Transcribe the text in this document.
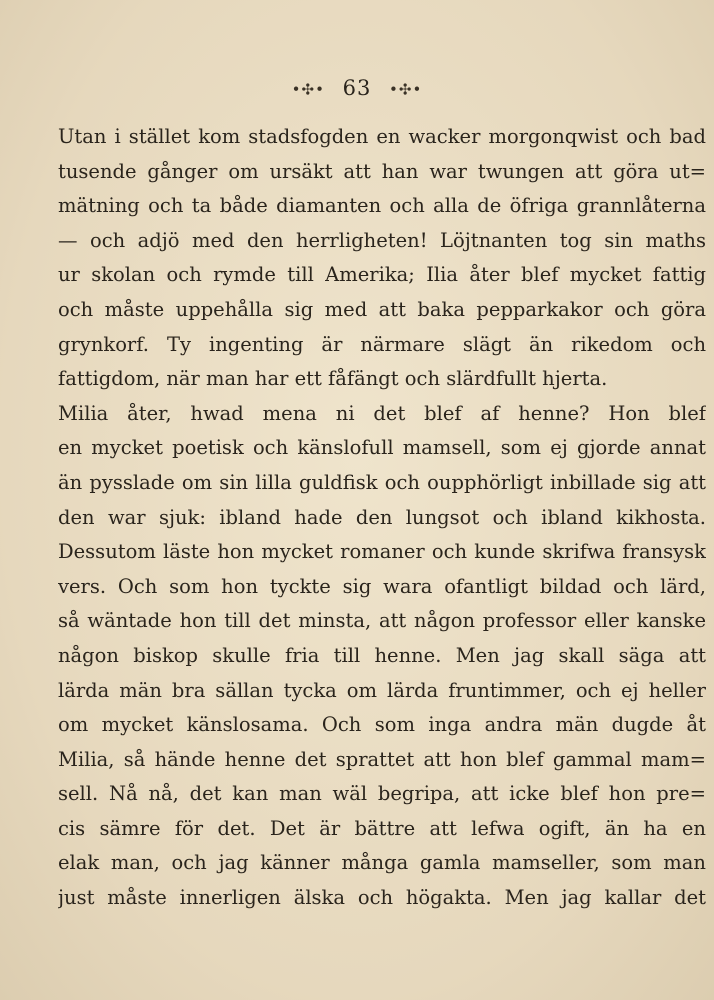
•✣• 63 •✣•
Utan i stället kom stadsfogden en wacker morgonqwist och bad
tusende gånger om ursäkt att han war twungen att göra ut=
mätning och ta både diamanten och alla de öfriga grannlåterna
— och adjö med den herrligheten! Löjtnanten tog sin maths
ur skolan och rymde till Amerika; Ilia åter blef mycket fattig
och måste uppehålla sig med att baka pepparkakor och göra
grynkorf. Ty ingenting är närmare slägt än rikedom och
fattigdom, när man har ett fåfängt och slärdfullt hjerta.
Milia åter, hwad mena ni det blef af henne? Hon blef
en mycket poetisk och känslofull mamsell, som ej gjorde annat
än pysslade om sin lilla guldfisk och oupphörligt inbillade sig att
den war sjuk: ibland hade den lungsot och ibland kikhosta.
Dessutom läste hon mycket romaner och kunde skrifwa fransysk
vers. Och som hon tyckte sig wara ofantligt bildad och lärd,
så wäntade hon till det minsta, att någon professor eller kanske
någon biskop skulle fria till henne. Men jag skall säga att
lärda män bra sällan tycka om lärda fruntimmer, och ej heller
om mycket känslosama. Och som inga andra män dugde åt
Milia, så hände henne det sprattet att hon blef gammal mam=
sell. Nå nå, det kan man wäl begripa, att icke blef hon pre=
cis sämre för det. Det är bättre att lefwa ogift, än ha en
elak man, och jag känner många gamla mamseller, som man
just måste innerligen älska och högakta. Men jag kallar det
